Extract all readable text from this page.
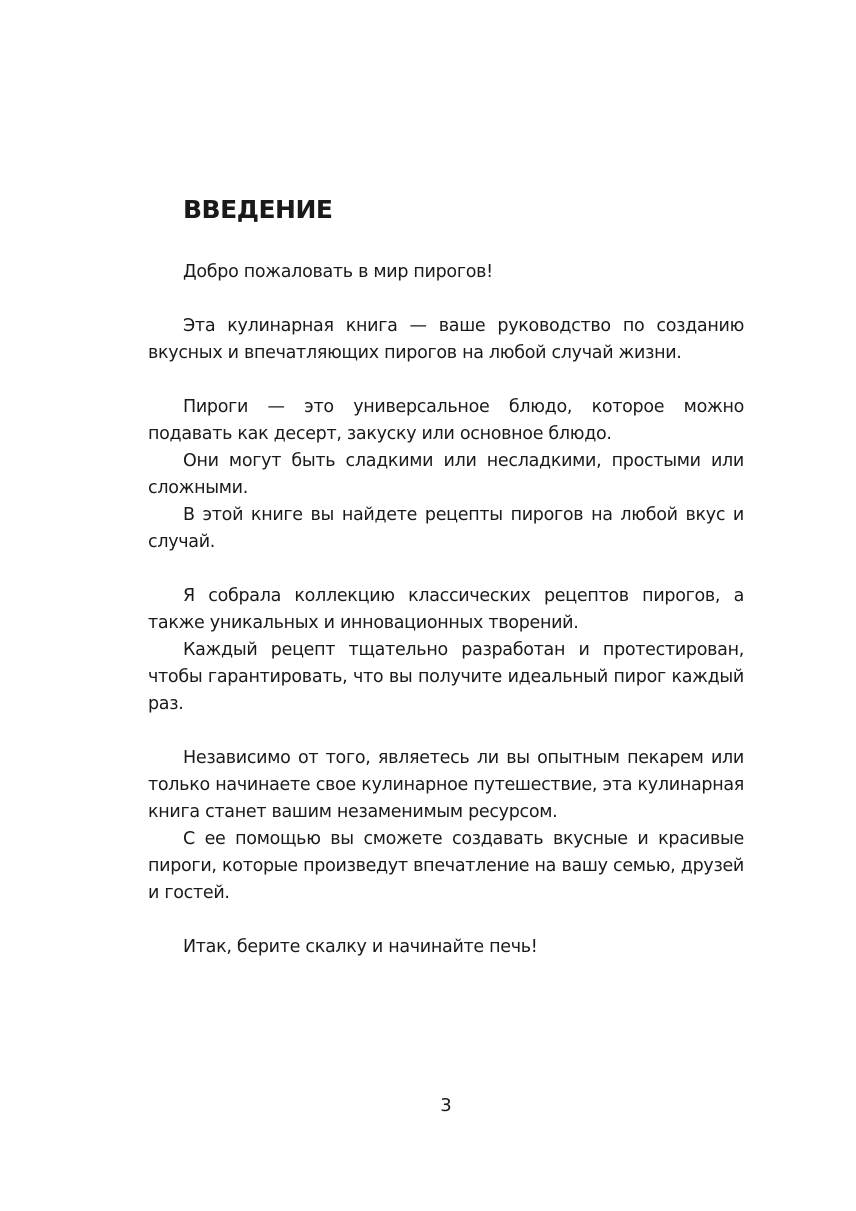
ВВЕДЕНИЕ

Добро пожаловать в мир пирогов!

Эта кулинарная книга — ваше руководство по созданию вкусных и впечатляющих пирогов на любой случай жизни.

Пироги — это универсальное блюдо, которое можно подавать как десерт, закуску или основное блюдо.

Они могут быть сладкими или несладкими, простыми или сложными.

В этой книге вы найдете рецепты пирогов на любой вкус и случай.

Я собрала коллекцию классических рецептов пирогов, а также уникальных и инновационных творений.

Каждый рецепт тщательно разработан и протестирован, чтобы гарантировать, что вы получите идеальный пирог каждый раз.

Независимо от того, являетесь ли вы опытным пекарем или только начинаете свое кулинарное путешествие, эта кулинарная книга станет вашим незаменимым ресурсом.

С ее помощью вы сможете создавать вкусные и красивые пироги, которые произведут впечатление на вашу семью, друзей и гостей.

Итак, берите скалку и начинайте печь!

3
